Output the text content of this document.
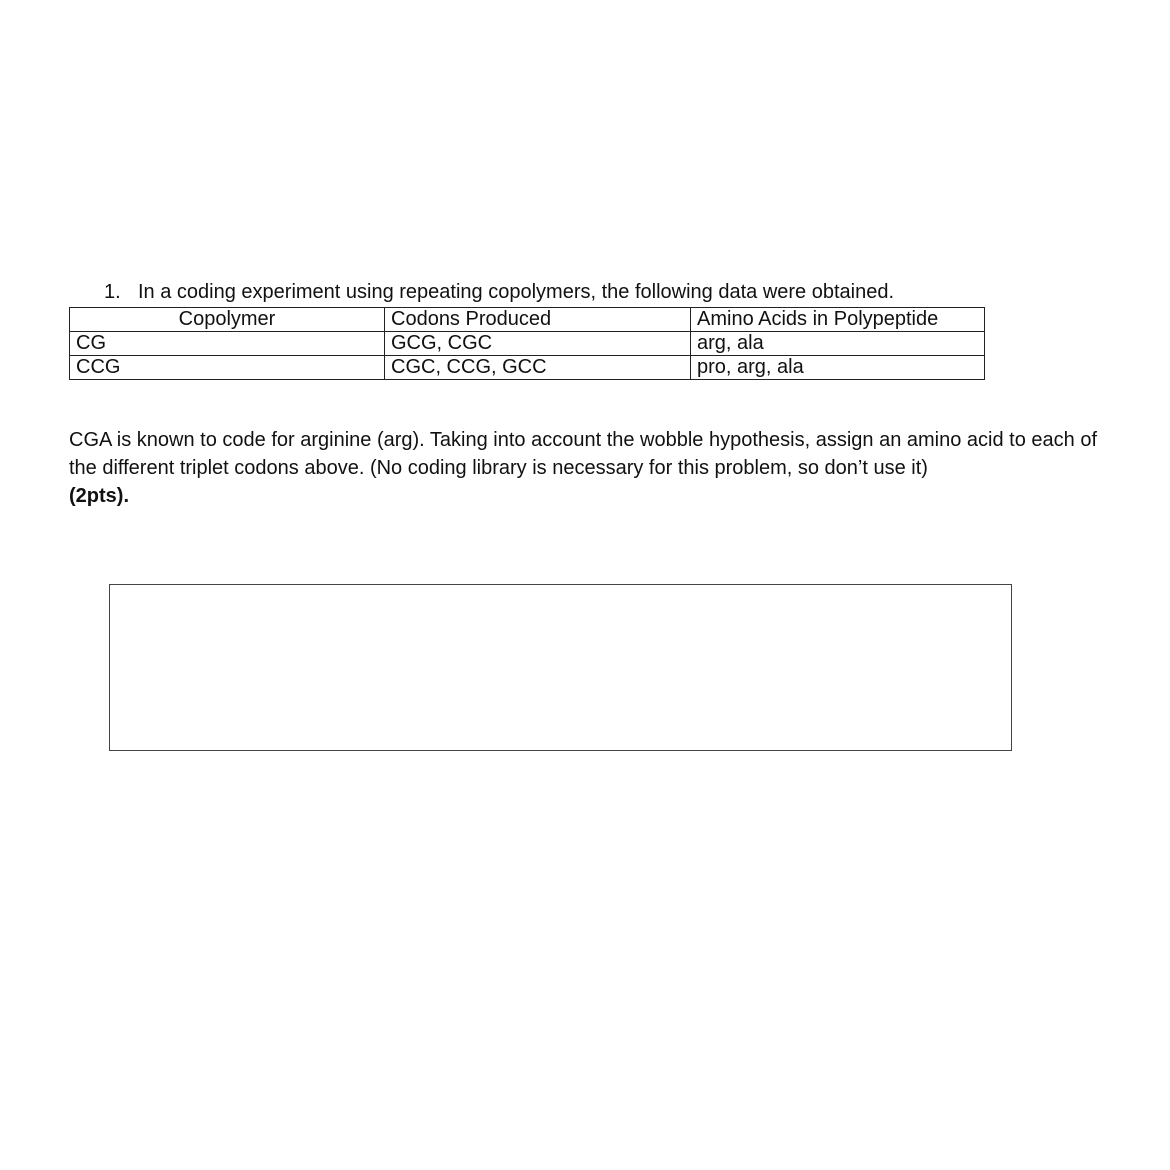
1. In a coding experiment using repeating copolymers, the following data were obtained.
Copolymer	Codons Produced	Amino Acids in Polypeptide
CG	GCG, CGC	arg, ala
CCG	CGC, CCG, GCC	pro, arg, ala
CGA is known to code for arginine (arg). Taking into account the wobble hypothesis, assign an amino acid to each of the different triplet codons above. (No coding library is necessary for this problem, so don’t use it)
(2pts).
